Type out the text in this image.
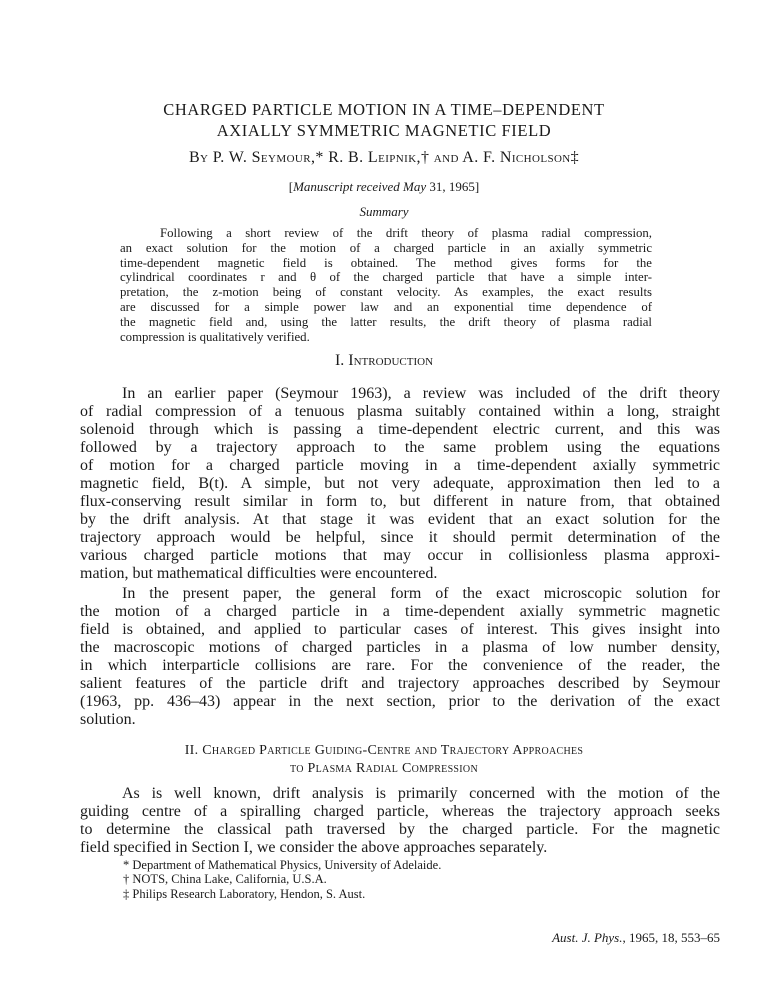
CHARGED PARTICLE MOTION IN A TIME–DEPENDENT
AXIALLY SYMMETRIC MAGNETIC FIELD
By P. W. Seymour,* R. B. Leipnik,† and A. F. Nicholson‡
[Manuscript received May 31, 1965]
Summary
Following a short review of the drift theory of plasma radial compression,
an exact solution for the motion of a charged particle in an axially symmetric
time-dependent magnetic field is obtained. The method gives forms for the
cylindrical coordinates r and θ of the charged particle that have a simple inter-
pretation, the z-motion being of constant velocity. As examples, the exact results
are discussed for a simple power law and an exponential time dependence of
the magnetic field and, using the latter results, the drift theory of plasma radial
compression is qualitatively verified.
I. Introduction
In an earlier paper (Seymour 1963), a review was included of the drift theory
of radial compression of a tenuous plasma suitably contained within a long, straight
solenoid through which is passing a time-dependent electric current, and this was
followed by a trajectory approach to the same problem using the equations
of motion for a charged particle moving in a time-dependent axially symmetric
magnetic field, B(t). A simple, but not very adequate, approximation then led to a
flux-conserving result similar in form to, but different in nature from, that obtained
by the drift analysis. At that stage it was evident that an exact solution for the
trajectory approach would be helpful, since it should permit determination of the
various charged particle motions that may occur in collisionless plasma approxi-
mation, but mathematical difficulties were encountered.
In the present paper, the general form of the exact microscopic solution for
the motion of a charged particle in a time-dependent axially symmetric magnetic
field is obtained, and applied to particular cases of interest. This gives insight into
the macroscopic motions of charged particles in a plasma of low number density,
in which interparticle collisions are rare. For the convenience of the reader, the
salient features of the particle drift and trajectory approaches described by Seymour
(1963, pp. 436–43) appear in the next section, prior to the derivation of the exact
solution.
II. Charged Particle Guiding-Centre and Trajectory Approaches
to Plasma Radial Compression
As is well known, drift analysis is primarily concerned with the motion of the
guiding centre of a spiralling charged particle, whereas the trajectory approach seeks
to determine the classical path traversed by the charged particle. For the magnetic
field specified in Section I, we consider the above approaches separately.
* Department of Mathematical Physics, University of Adelaide.
† NOTS, China Lake, California, U.S.A.
‡ Philips Research Laboratory, Hendon, S. Aust.
Aust. J. Phys., 1965, 18, 553–65
